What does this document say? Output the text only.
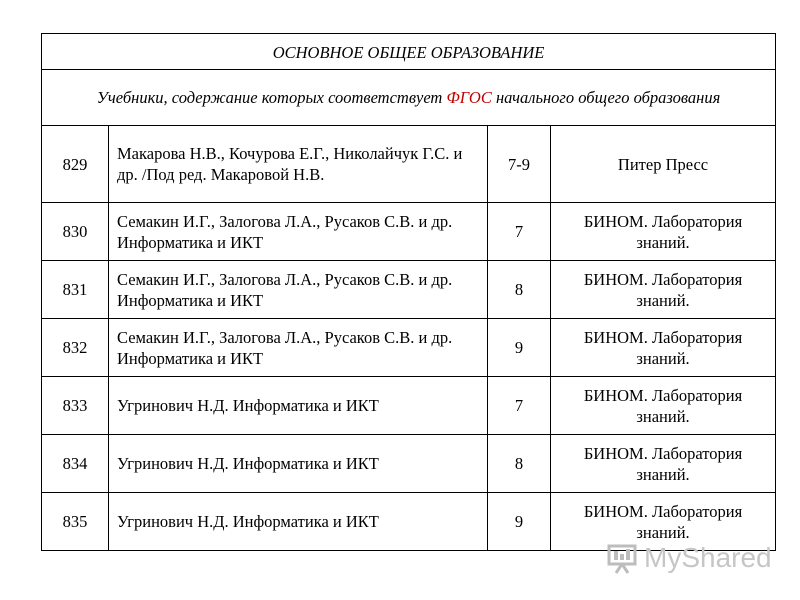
ОСНОВНОЕ ОБЩЕЕ ОБРАЗОВАНИЕ			
Учебники, содержание которых соответствует ФГОС начального общего образования			
829	Макарова Н.В., Кочурова Е.Г., Николайчук Г.С. и др. /Под ред. Макаровой Н.В.	7-9	Питер Пресс
830	Семакин И.Г., Залогова Л.А., Русаков С.В. и др. Информатика и ИКТ	7	БИНОМ. Лаборатория знаний.
831	Семакин И.Г., Залогова Л.А., Русаков С.В. и др. Информатика и ИКТ	8	БИНОМ. Лаборатория знаний.
832	Семакин И.Г., Залогова Л.А., Русаков С.В. и др. Информатика и ИКТ	9	БИНОМ. Лаборатория знаний.
833	Угринович Н.Д. Информатика и ИКТ	7	БИНОМ. Лаборатория знаний.
834	Угринович Н.Д. Информатика и ИКТ	8	БИНОМ. Лаборатория знаний.
835	Угринович Н.Д. Информатика и ИКТ	9	БИНОМ. Лаборатория знаний.
MyShared
